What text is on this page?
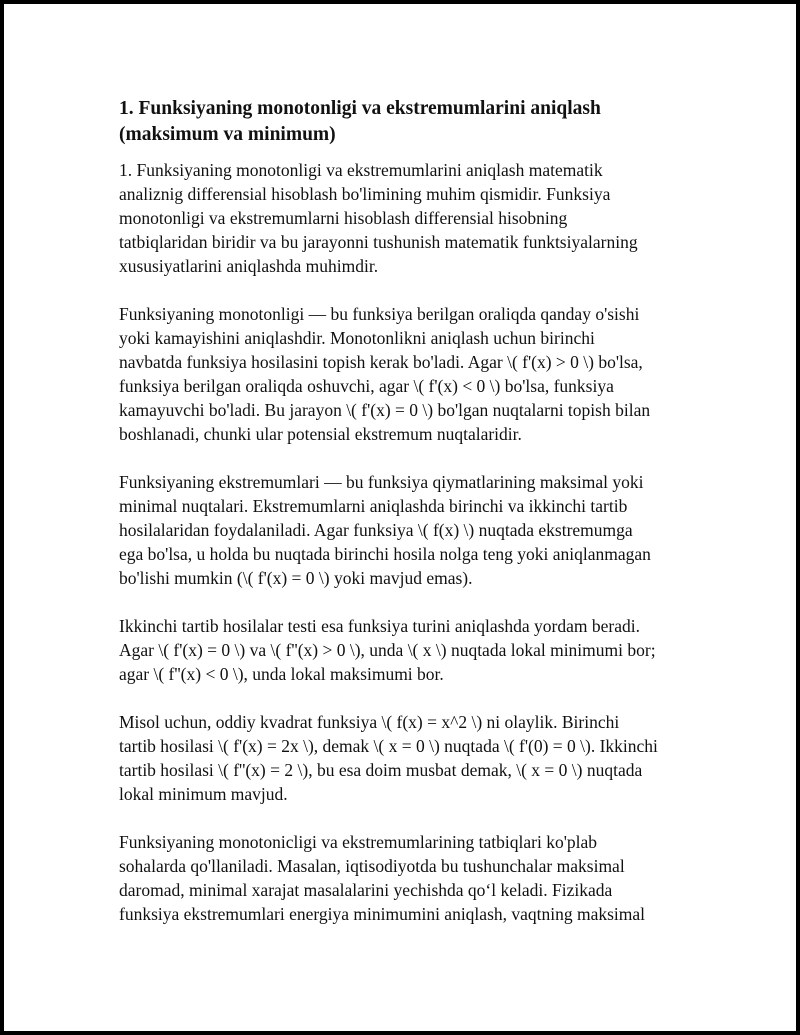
1. Funksiyaning monotonligi va ekstremumlarini aniqlash
(maksimum va minimum)

1. Funksiyaning monotonligi va ekstremumlarini aniqlash matematik
analiznig differensial hisoblash bo'limining muhim qismidir. Funksiya
monotonligi va ekstremumlarni hisoblash differensial hisobning
tatbiqlaridan biridir va bu jarayonni tushunish matematik funktsiyalarning
xususiyatlarini aniqlashda muhimdir.

Funksiyaning monotonligi — bu funksiya berilgan oraliqda qanday o'sishi
yoki kamayishini aniqlashdir. Monotonlikni aniqlash uchun birinchi
navbatda funksiya hosilasini topish kerak bo'ladi. Agar \( f'(x) > 0 \) bo'lsa,
funksiya berilgan oraliqda oshuvchi, agar \( f'(x) < 0 \) bo'lsa, funksiya
kamayuvchi bo'ladi. Bu jarayon \( f'(x) = 0 \) bo'lgan nuqtalarni topish bilan
boshlanadi, chunki ular potensial ekstremum nuqtalaridir.

Funksiyaning ekstremumlari — bu funksiya qiymatlarining maksimal yoki
minimal nuqtalari. Ekstremumlarni aniqlashda birinchi va ikkinchi tartib
hosilalaridan foydalaniladi. Agar funksiya \( f(x) \) nuqtada ekstremumga
ega bo'lsa, u holda bu nuqtada birinchi hosila nolga teng yoki aniqlanmagan
bo'lishi mumkin (\( f'(x) = 0 \) yoki mavjud emas).

Ikkinchi tartib hosilalar testi esa funksiya turini aniqlashda yordam beradi.
Agar \( f'(x) = 0 \) va \( f''(x) > 0 \), unda \( x \) nuqtada lokal minimumi bor;
agar \( f''(x) < 0 \), unda lokal maksimumi bor.

Misol uchun, oddiy kvadrat funksiya \( f(x) = x^2 \) ni olaylik. Birinchi
tartib hosilasi \( f'(x) = 2x \), demak \( x = 0 \) nuqtada \( f'(0) = 0 \). Ikkinchi
tartib hosilasi \( f''(x) = 2 \), bu esa doim musbat demak, \( x = 0 \) nuqtada
lokal minimum mavjud.

Funksiyaning monotonicligi va ekstremumlarining tatbiqlari ko'plab
sohalarda qo'llaniladi. Masalan, iqtisodiyotda bu tushunchalar maksimal
daromad, minimal xarajat masalalarini yechishda qo‘l keladi. Fizikada
funksiya ekstremumlari energiya minimumini aniqlash, vaqtning maksimal
